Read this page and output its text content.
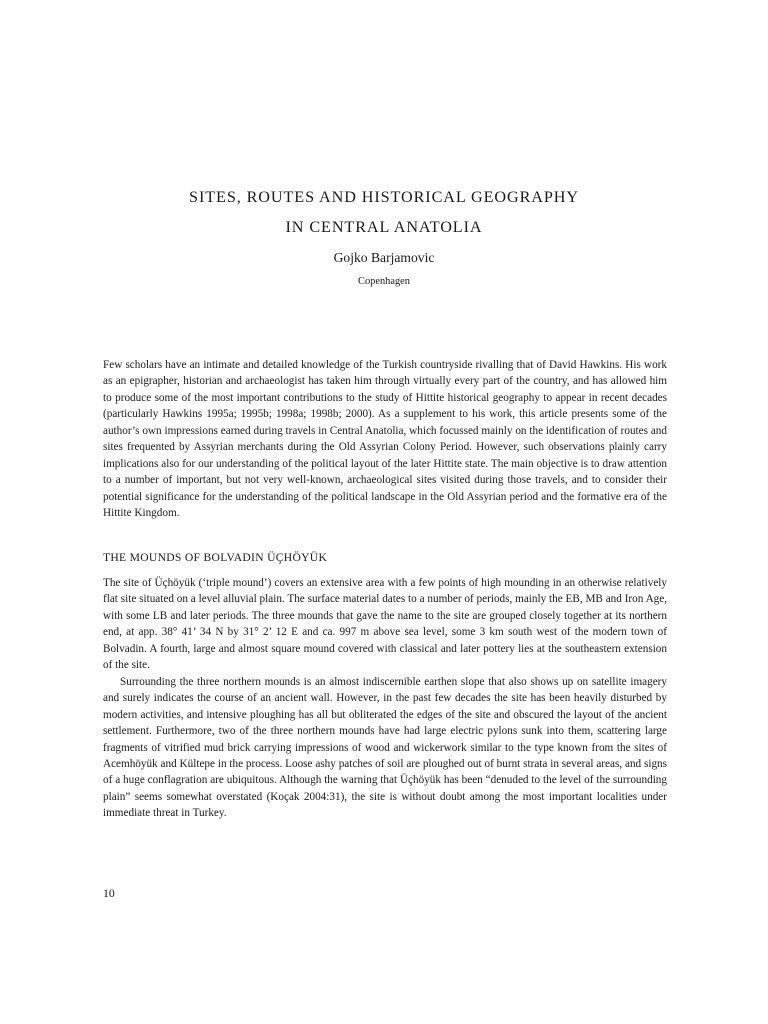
SITES, ROUTES AND HISTORICAL GEOGRAPHY
IN CENTRAL ANATOLIA
Gojko Barjamovic
Copenhagen

Few scholars have an intimate and detailed knowledge of the Turkish countryside rivalling that of David Hawkins. His work as an epigrapher, historian and archaeologist has taken him through virtually every part of the country, and has allowed him to produce some of the most important contributions to the study of Hittite historical geography to appear in recent decades (particularly Hawkins 1995a; 1995b; 1998a; 1998b; 2000). As a supplement to his work, this article presents some of the author’s own impressions earned during travels in Central Anatolia, which focussed mainly on the identification of routes and sites frequented by Assyrian merchants during the Old Assyrian Colony Period. However, such observations plainly carry implications also for our understanding of the political layout of the later Hittite state. The main objective is to draw attention to a number of important, but not very well-known, archaeological sites visited during those travels, and to consider their potential significance for the understanding of the political landscape in the Old Assyrian period and the formative era of the Hittite Kingdom.

THE MOUNDS OF BOLVADIN ÜÇHÖYÜK

The site of Üçhöyük (‘triple mound’) covers an extensive area with a few points of high mounding in an otherwise relatively flat site situated on a level alluvial plain. The surface material dates to a number of periods, mainly the EB, MB and Iron Age, with some LB and later periods. The three mounds that gave the name to the site are grouped closely together at its northern end, at app. 38° 41’ 34 N by 31° 2’ 12 E and ca. 997 m above sea level, some 3 km south west of the modern town of Bolvadin. A fourth, large and almost square mound covered with classical and later pottery lies at the southeastern extension of the site.

Surrounding the three northern mounds is an almost indiscernible earthen slope that also shows up on satellite imagery and surely indicates the course of an ancient wall. However, in the past few decades the site has been heavily disturbed by modern activities, and intensive ploughing has all but obliterated the edges of the site and obscured the layout of the ancient settlement. Furthermore, two of the three northern mounds have had large electric pylons sunk into them, scattering large fragments of vitrified mud brick carrying impressions of wood and wickerwork similar to the type known from the sites of Acemhöyük and Kültepe in the process. Loose ashy patches of soil are ploughed out of burnt strata in several areas, and signs of a huge conflagration are ubiquitous. Although the warning that Üçhöyük has been “denuded to the level of the surrounding plain” seems somewhat overstated (Koçak 2004:31), the site is without doubt among the most important localities under immediate threat in Turkey.

10
